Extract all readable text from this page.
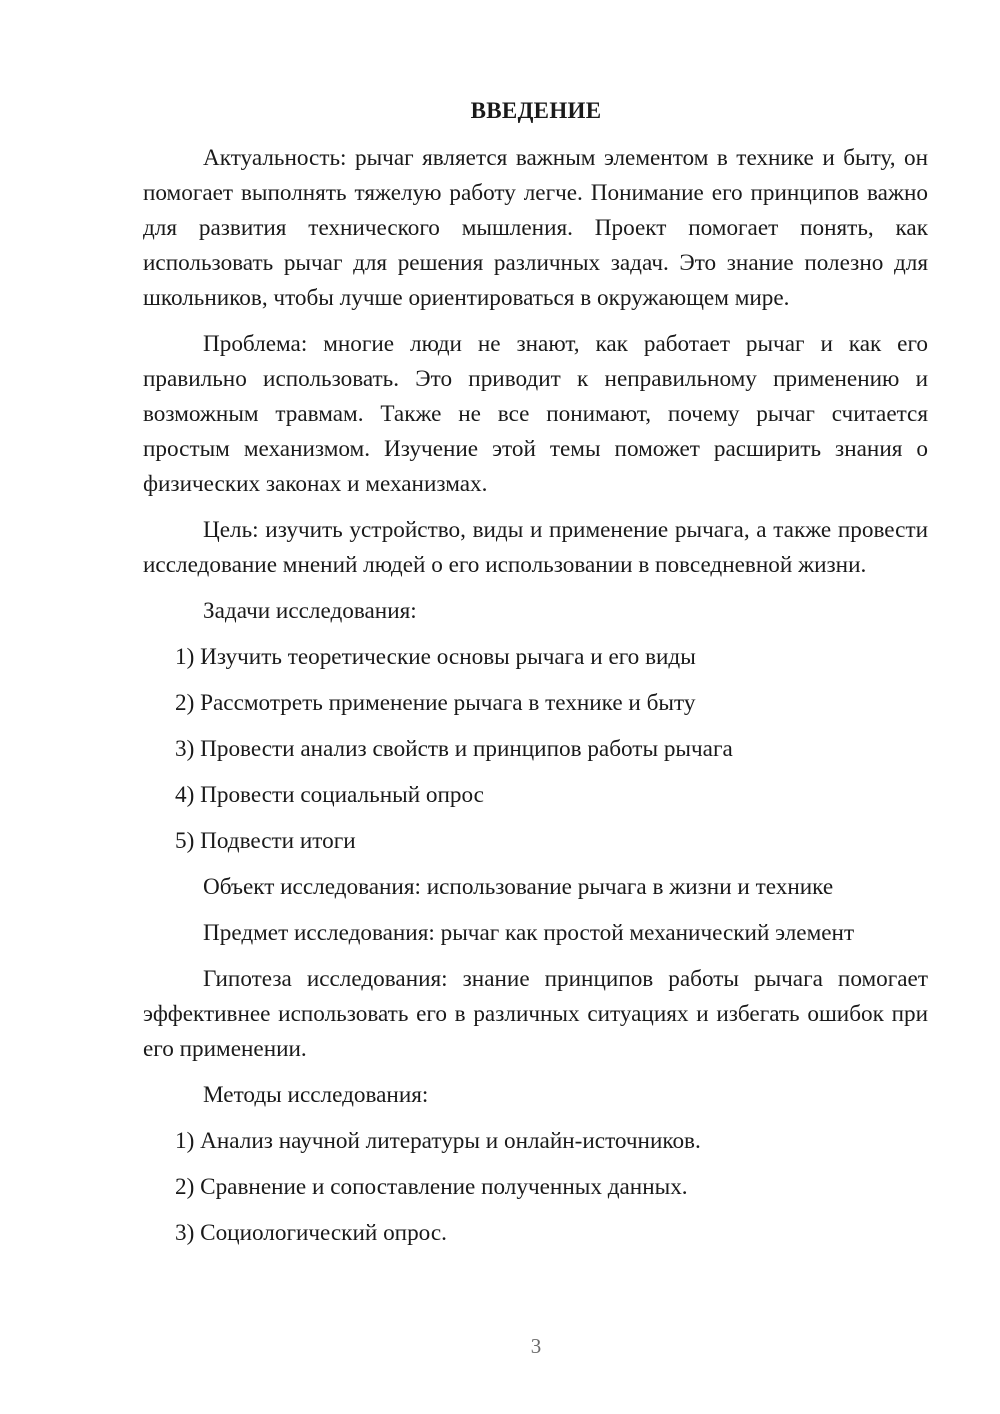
ВВЕДЕНИЕ

Актуальность: рычаг является важным элементом в технике и быту, он помогает выполнять тяжелую работу легче. Понимание его принципов важно для развития технического мышления. Проект помогает понять, как использовать рычаг для решения различных задач. Это знание полезно для школьников, чтобы лучше ориентироваться в окружающем мире.

Проблема: многие люди не знают, как работает рычаг и как его правильно использовать. Это приводит к неправильному применению и возможным травмам. Также не все понимают, почему рычаг считается простым механизмом. Изучение этой темы поможет расширить знания о физических законах и механизмах.

Цель: изучить устройство, виды и применение рычага, а также провести исследование мнений людей о его использовании в повседневной жизни.

Задачи исследования:

1) Изучить теоретические основы рычага и его виды

2) Рассмотреть применение рычага в технике и быту

3) Провести анализ свойств и принципов работы рычага

4) Провести социальный опрос

5) Подвести итоги

Объект исследования: использование рычага в жизни и технике

Предмет исследования: рычаг как простой механический элемент

Гипотеза исследования: знание принципов работы рычага помогает эффективнее использовать его в различных ситуациях и избегать ошибок при его применении.

Методы исследования:

1) Анализ научной литературы и онлайн-источников.

2) Сравнение и сопоставление полученных данных.

3) Социологический опрос.

3
